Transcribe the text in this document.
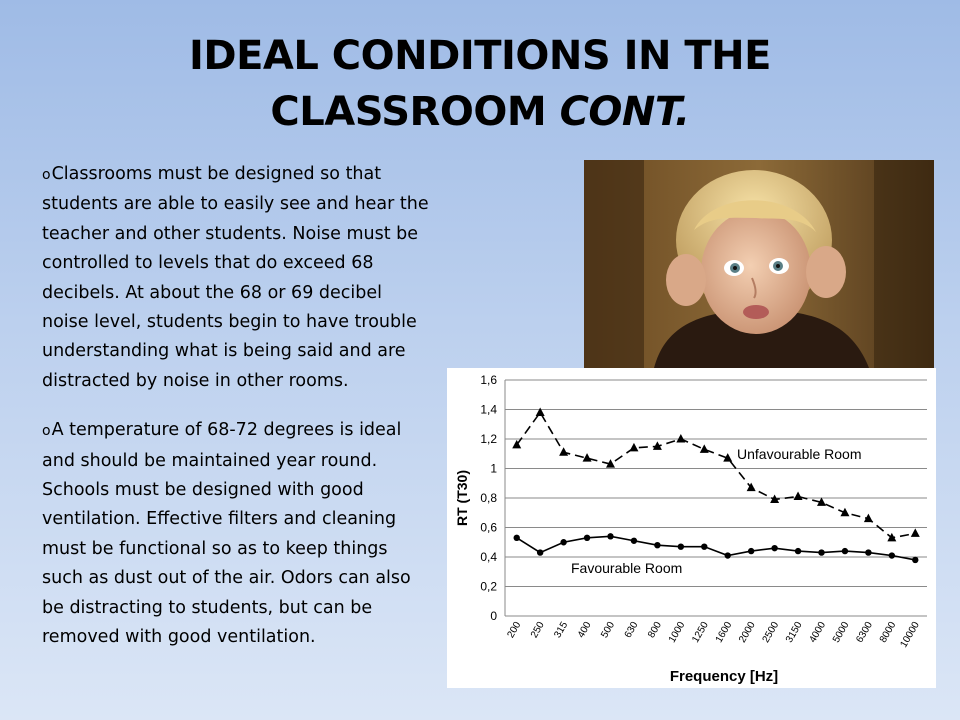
IDEAL CONDITIONS IN THE
CLASSROOM CONT.

oClassrooms must be designed so that students are able to easily see and hear the teacher and other students. Noise must be controlled to levels that do exceed 68 decibels. At about the 68 or 69 decibel noise level, students begin to have trouble understanding what is being said and are distracted by noise in other rooms.

oA temperature of 68-72 degrees is ideal and should be maintained year round. Schools must be designed with good ventilation. Effective filters and cleaning must be functional so as to keep things such as dust out of the air. Odors can also be distracting to students, but can be removed with good ventilation.

0
0,2
0,4
0,6
0,8
1
1,2
1,4
1,6
200 250 315 400 500 630 800 1000 1250 1600 2000 2500 3150 4000 5000 6300 8000 10000
RT (T30)
Frequency [Hz]
Unfavourable Room
Favourable Room
